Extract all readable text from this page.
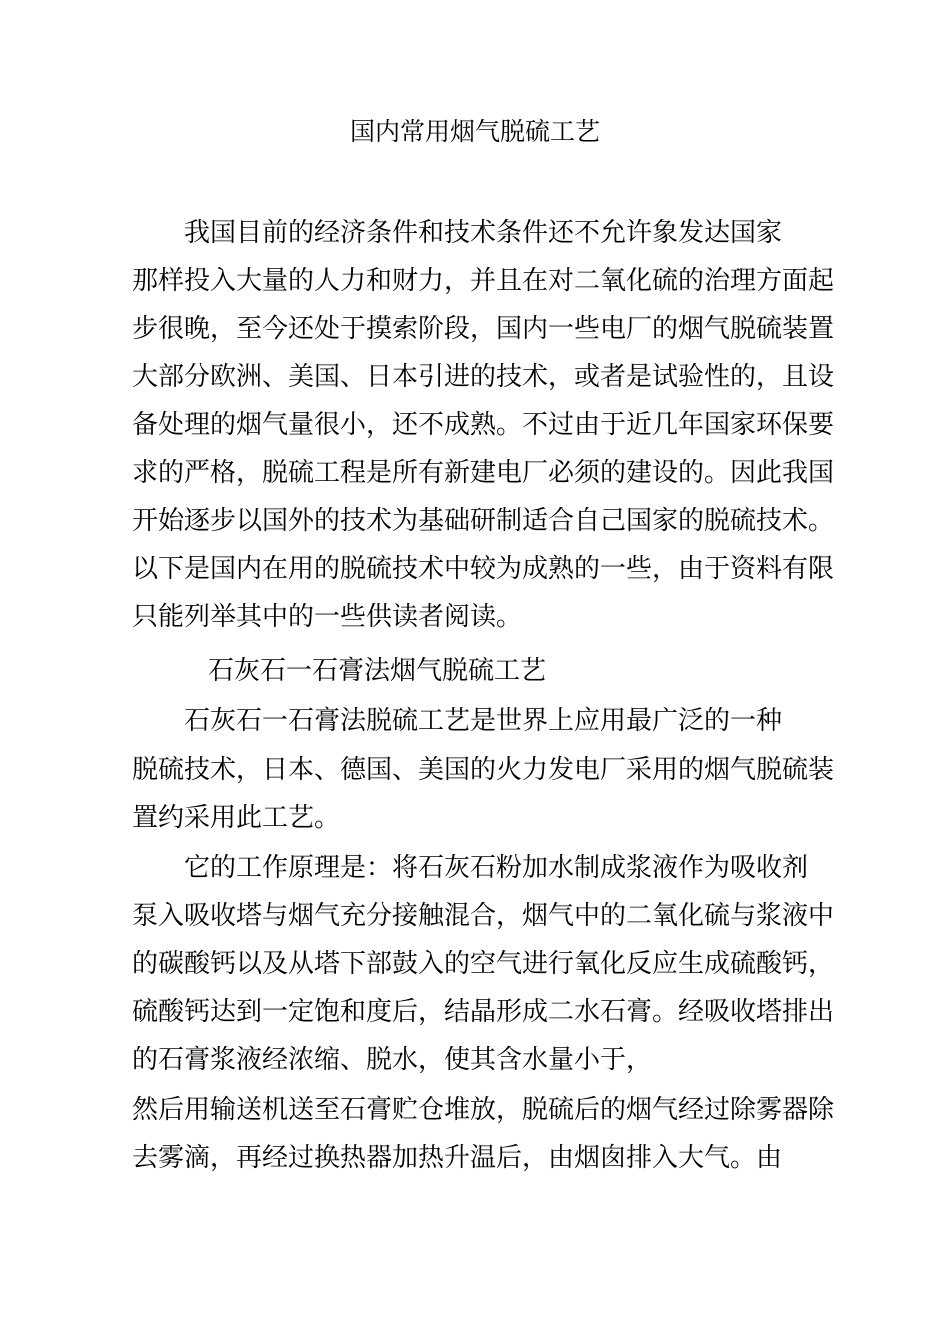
国内常用烟气脱硫工艺
我国目前的经济条件和技术条件还不允许象发达国家
那样投入大量的人力和财力，并且在对二氧化硫的治理方面起
步很晚，至今还处于摸索阶段，国内一些电厂的烟气脱硫装置
大部分欧洲、美国、日本引进的技术，或者是试验性的，且设
备处理的烟气量很小，还不成熟。不过由于近几年国家环保要
求的严格，脱硫工程是所有新建电厂必须的建设的。因此我国
开始逐步以国外的技术为基础研制适合自己国家的脱硫技术。
以下是国内在用的脱硫技术中较为成熟的一些，由于资料有限
只能列举其中的一些供读者阅读。
石灰石一石膏法烟气脱硫工艺
石灰石一石膏法脱硫工艺是世界上应用最广泛的一种
脱硫技术，日本、德国、美国的火力发电厂采用的烟气脱硫装
置约采用此工艺。
它的工作原理是：将石灰石粉加水制成浆液作为吸收剂
泵入吸收塔与烟气充分接触混合，烟气中的二氧化硫与浆液中
的碳酸钙以及从塔下部鼓入的空气进行氧化反应生成硫酸钙，
硫酸钙达到一定饱和度后，结晶形成二水石膏。经吸收塔排出
的石膏浆液经浓缩、脱水，使其含水量小于，
然后用输送机送至石膏贮仓堆放，脱硫后的烟气经过除雾器除
去雾滴，再经过换热器加热升温后，由烟囱排入大气。由
